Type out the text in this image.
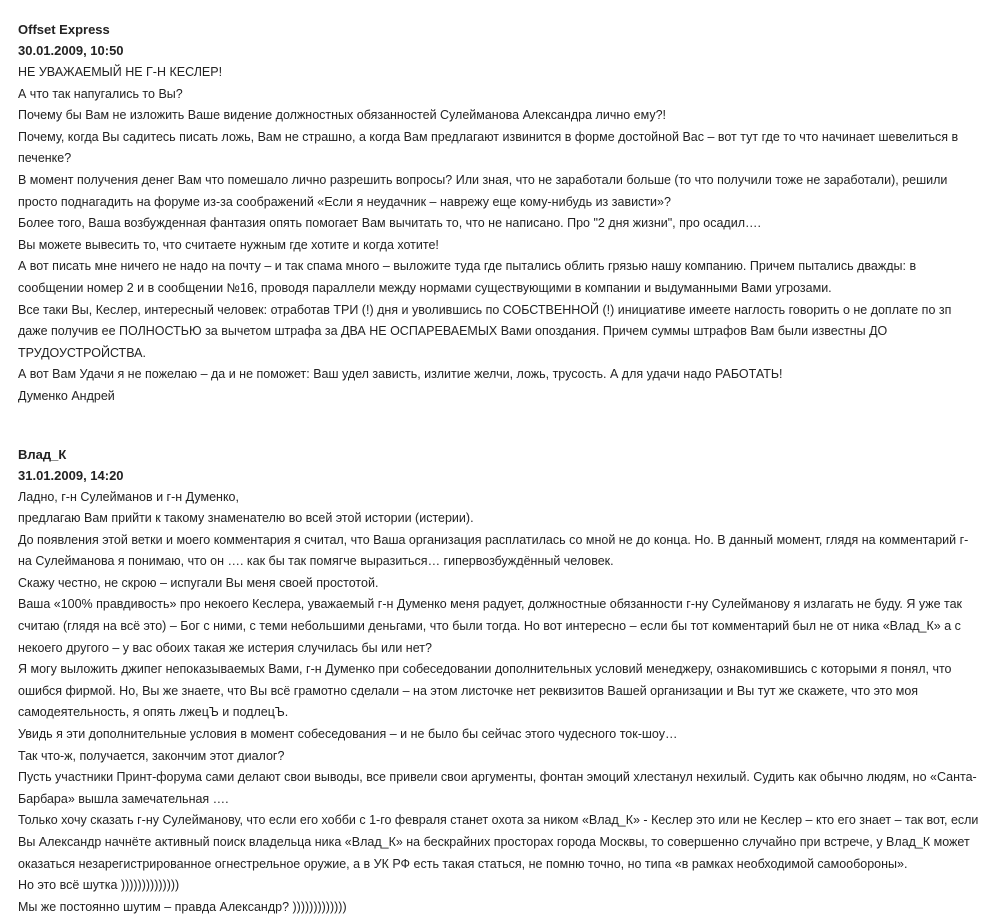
Offset Express
30.01.2009, 10:50

НЕ УВАЖАЕМЫЙ НЕ Г-Н КЕСЛЕР!

А что так напугались то Вы?

Почему бы Вам не изложить Ваше видение должностных обязанностей Сулейманова Александра лично ему?!

Почему, когда Вы садитесь писать ложь, Вам не страшно, а когда Вам предлагают извинится в форме достойной Вас – вот тут где то что начинает шевелиться в печенке?

В момент получения денег Вам что помешало лично разрешить вопросы? Или зная, что не заработали больше (то что получили тоже не заработали), решили просто поднагадить на форуме из-за соображений «Если я неудачник – навpежу еще кому-нибудь из зависти»?

Более того, Ваша возбужденная фантазия опять помогает Вам вычитать то, что не написано. Про "2 дня жизни", про осадил….

Вы можете вывесить то, что считаете нужным где хотите и когда хотите!

А вот писать мне ничего не надо на почту – и так спама много – выложите туда где пытались облить грязью нашу компанию. Причем пытались дважды: в сообщении номер 2 и в сообщении №16, проводя параллели между нормами существующими в компании и выдуманными Вами угрозами.

Все таки Вы, Кеслер, интересный человек: отработав ТРИ (!) дня и уволившись по СОБСТВЕННОЙ (!) инициативе имеете наглость говорить о не доплате по зп даже получив ее ПОЛНОСТЬЮ за вычетом штрафа за ДВА НЕ ОСПАРЕВАЕМЫХ Вами опоздания. Причем суммы штрафов Вам были известны ДО ТРУДОУСТРОЙСТВА.

А вот Вам Удачи я не пожелаю – да и не поможет: Ваш удел зависть, излитие желчи, ложь, трусость. А для удачи надо РАБОТАТЬ!

Думенко Андрей

Влад_К
31.01.2009, 14:20

Ладно, г-н Сулейманов и г-н Думенко,

предлагаю Вам прийти к такому знаменателю во всей этой истории (истерии).

До появления этой ветки и моего комментария я считал, что Ваша организация расплатилась со мной не до конца. Но. В данный момент, глядя на комментарий г-на Сулейманова я понимаю, что он …. как бы так помягче выразиться… гипервозбуждённый человек.

Скажу честно, не скрою – испугали Вы меня своей простотой.

Ваша «100% правдивость» про некоего Кеслера, уважаемый г-н Думенко меня радует, должностные обязанности г-ну Сулейманову я излагать не буду. Я уже так считаю (глядя на всё это) – Бог с ними, с теми небольшими деньгами, что были тогда. Но вот интересно – если бы тот комментарий был не от ника «Влад_К» а с некоего другого – у вас обоих такая же истерия случилась бы или нет?

Я могу выложить джипег непоказываемых Вами, г-н Думенко при собеседовании дополнительных условий менеджеру, ознакомившись с которыми я понял, что ошибся фирмой. Но, Вы же знаете, что Вы всё грамотно сделали – на этом листочке нет реквизитов Вашей организации и Вы тут же скажете, что это моя самодеятельность, я опять лжецЪ и подлецЪ.

Увидь я эти дополнительные условия в момент собеседования – и не было бы сейчас этого чудесного ток-шоу…

Так что-ж, получается, закончим этот диалог?

Пусть участники Принт-форума сами делают свои выводы, все привели свои аргументы, фонтан эмоций хлестанул нехилый. Судить как обычно людям, но «Санта-Барбара» вышла замечательная ….

Только хочу сказать г-ну Сулейманову, что если его хобби с 1-го февраля станет охота за ником «Влад_К» - Кеслер это или не Кеслер – кто его знает – так вот, если Вы Александр начнёте активный поиск владельца ника «Влад_К» на бескрайних просторах города Москвы, то совершенно случайно при встрече, у Влад_К может оказаться незарегистрированное огнестрельное оружие, а в УК РФ есть такая статься, не помню точно, но типа «в рамках необходимой самообороны».

Но это всё шутка ))))))))))))))

Мы же постоянно шутим – правда Александр? )))))))))))))
